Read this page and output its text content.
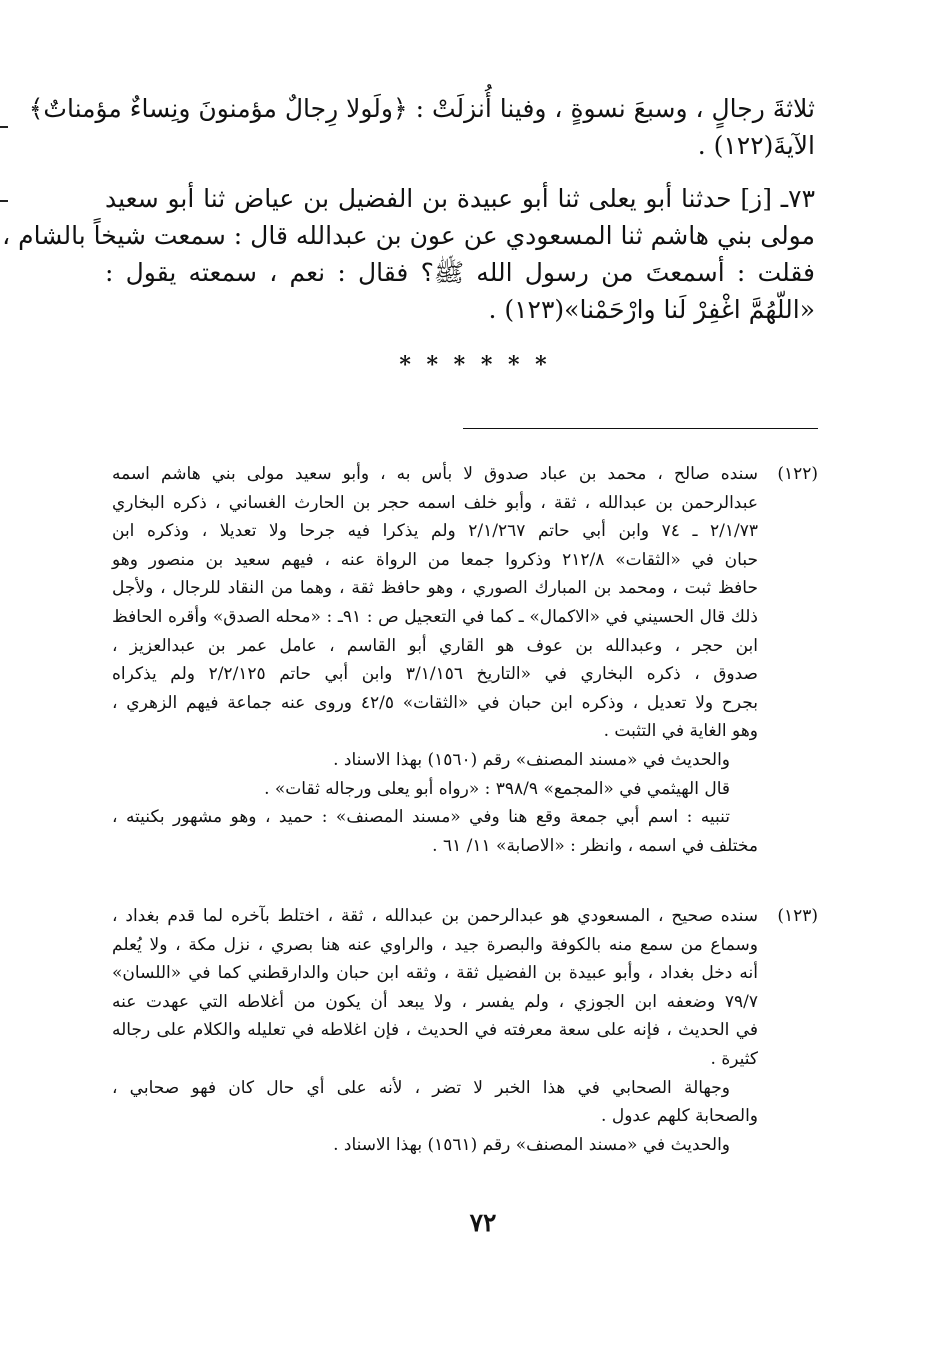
ثلاثةَ رجالٍ ، وسبعَ نسوةٍ ، وفينا أُنزلَتْ : ﴿ولَولا رِجالٌ مؤمنونَ ونِساءٌ مؤمناتٌ﴾
الآيةَ(١٢٢) .
٧٣ـ [ز] حدثنا أبو يعلى ثنا أبو عبيدة بن الفضيل بن عياض ثنا أبو سعيد
مولى بني هاشم ثنا المسعودي عن عون بن عبدالله قال : سمعت شيخاً بالشام ،
فقلت : أسمعتَ من رسول الله ﷺ؟ فقال : نعم ، سمعته يقول :
«اللّهُمَّ اغْفِرْ لَنا وارْحَمْنا»(١٢٣) .
* * * * * *
(١٢٢)
سنده صالح ، محمد بن عباد صدوق لا بأس به ، وأبو سعيد مولى بني هاشم اسمه
عبدالرحمن بن عبدالله ، ثقة ، وأبو خلف اسمه حجر بن الحارث الغساني ، ذكره البخاري
٢/١/٧٣ ـ ٧٤ وابن أبي حاتم ٢/١/٢٦٧ ولم يذكرا فيه جرحا ولا تعديلا ، وذكره ابن
حبان في «الثقات» ٢١٢/٨ وذكروا جمعا من الرواة عنه ، فيهم سعيد بن منصور وهو
حافظ ثبت ، ومحمد بن المبارك الصوري ، وهو حافظ ثقة ، وهما من النقاد للرجال ، ولأجل
ذلك قال الحسيني في «الاكمال» ـ كما في التعجيل ص : ٩١ـ : «محله الصدق» وأقره الحافظ
ابن حجر ، وعبدالله بن عوف هو القاري أبو القاسم ، عامل عمر بن عبدالعزيز ،
صدوق ، ذكره البخاري في «التاريخ ٣/١/١٥٦ وابن أبي حاتم ٢/٢/١٢٥ ولم يذكراه
بجرح ولا تعديل ، وذكره ابن حبان في «الثقات» ٤٢/٥ وروى عنه جماعة فيهم الزهري ،
وهو الغاية في التثبت .
والحديث في «مسند المصنف» رقم (١٥٦٠) بهذا الاسناد .
قال الهيثمي في «المجمع» ٣٩٨/٩ : «رواه أبو يعلى ورجاله ثقات» .
تنبيه : اسم أبي جمعة وقع هنا وفي «مسند المصنف» : حميد ، وهو مشهور بكنيته ،
مختلف في اسمه ، وانظر : «الاصابة» ١١/ ٦١ .
(١٢٣)
سنده صحيح ، المسعودي هو عبدالرحمن بن عبدالله ، ثقة ، اختلط بآخره لما قدم بغداد ،
وسماع من سمع منه بالكوفة والبصرة جيد ، والراوي عنه هنا بصري ، نزل مكة ، ولا يُعلم
أنه دخل بغداد ، وأبو عبيدة بن الفضيل ثقة ، وثقه ابن حبان والدارقطني كما في «اللسان»
٧٩/٧ وضعفه ابن الجوزي ، ولم يفسر ، ولا يبعد أن يكون من أغلاطه التي عهدت عنه
في الحديث ، فإنه على سعة معرفته في الحديث ، فإن اغلاطه في تعليله والكلام على رجاله
كثيرة .
وجهالة الصحابي في هذا الخبر لا تضر ، لأنه على أي حال كان فهو صحابي ،
والصحابة كلهم عدول .
والحديث في «مسند المصنف» رقم (١٥٦١) بهذا الاسناد .
٧٢
